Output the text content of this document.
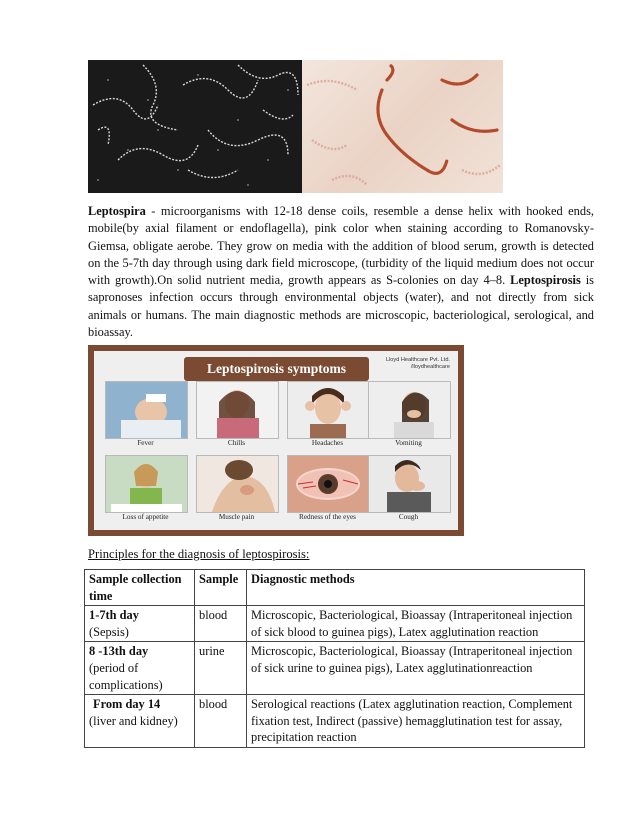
Leptospira - microorganisms with 12-18 dense coils, resemble a dense helix with hooked ends, mobile(by axial filament or endoflagella), pink color when staining according to Romanovsky-Giemsa, obligate aerobe. They grow on media with the addition of blood serum, growth is detected on the 5-7th day through using dark field microscope, (turbidity of the liquid medium does not occur with growth).On solid nutrient media, growth appears as S-colonies on day 4–8. Leptospirosis is sapronoses infection occurs through environmental objects (water), and not directly from sick animals or humans. The main diagnostic methods are microscopic, bacteriological, serological, and bioassay.

Leptospirosis symptoms
Lloyd Healthcare Pvt. Ltd.
/lloydhealthcare
Fever	Chills	Headaches	Vomiting
Loss of appetite	Muscle pain	Redness of the eyes	Cough
Principles for the diagnosis of leptospirosis:
Sample collection time	Sample	Diagnostic methods
1-7th day
(Sepsis)	blood	Microscopic, Bacteriological, Bioassay (Intraperitoneal injection of sick blood to guinea pigs), Latex agglutination reaction
8 -13th day
(period of complications)	urine	Microscopic, Bacteriological, Bioassay (Intraperitoneal injection of sick urine to guinea pigs), Latex agglutinationreaction
From day 14
(liver and kidney)	blood	Serological reactions (Latex agglutination reaction, Complement fixation test, Indirect (passive) hemagglutination test for assay, precipitation reaction
